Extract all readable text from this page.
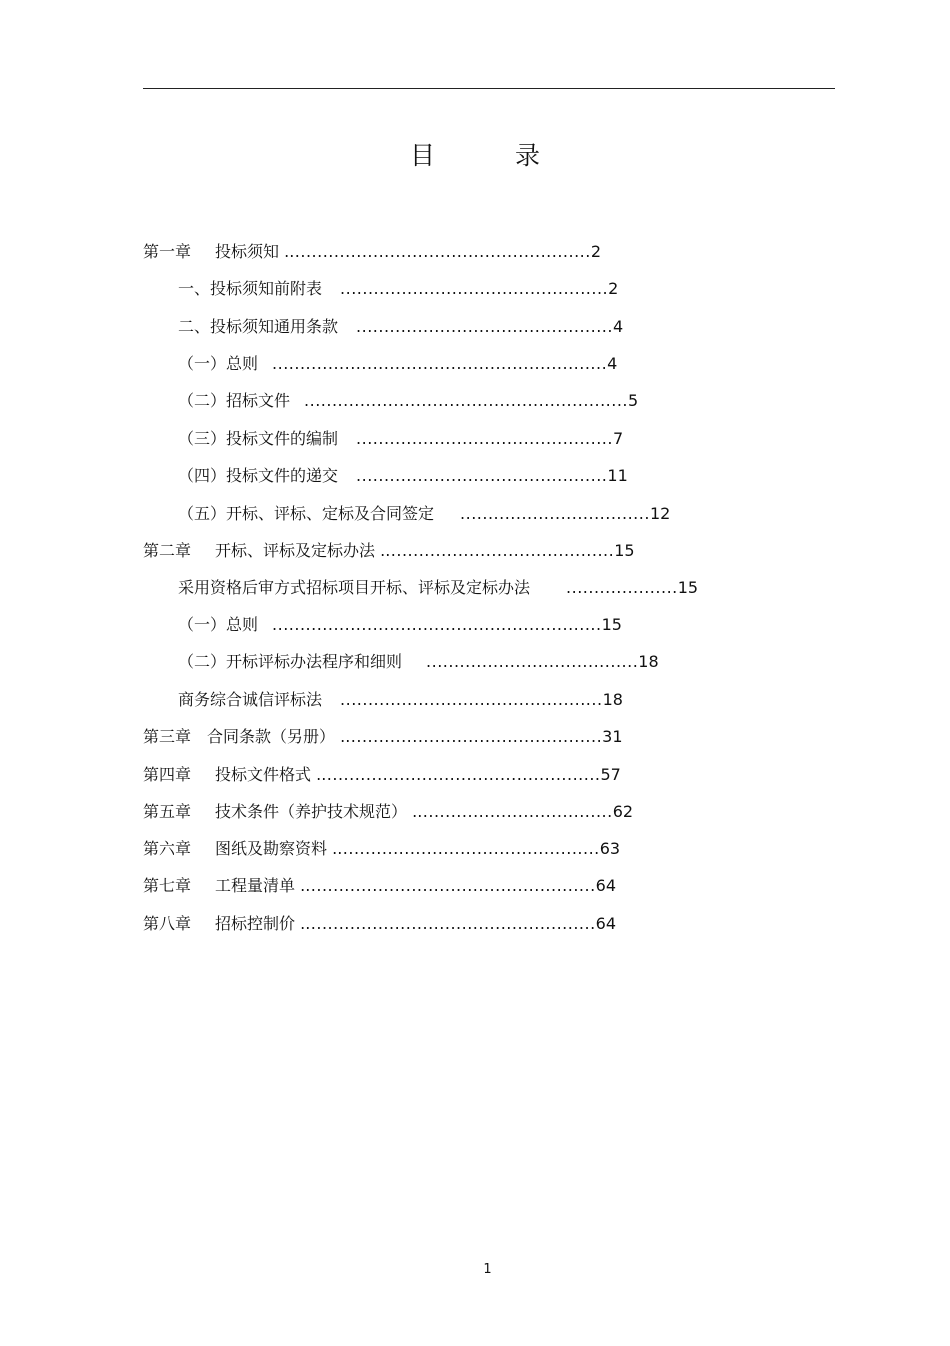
目	录
第一章 投标须知 .......................................................2
一、投标须知前附表 ................................................2
二、投标须知通用条款 ..............................................4
（一）总则 ............................................................4
（二）招标文件 ..........................................................5
（三）投标文件的编制 ..............................................7
（四）投标文件的递交 .............................................11
（五）开标、评标、定标及合同签定 ..................................12
第二章 开标、评标及定标办法 ..........................................15
采用资格后审方式招标项目开标、评标及定标办法 ....................15
（一）总则 ...........................................................15
（二）开标评标办法程序和细则 ......................................18
商务综合诚信评标法 ...............................................18
第三章 合同条款（另册） ...............................................31
第四章 投标文件格式 ...................................................57
第五章 技术条件（养护技术规范） ....................................62
第六章 图纸及勘察资料 ................................................63
第七章 工程量清单 .....................................................64
第八章 招标控制价 .....................................................64
1
